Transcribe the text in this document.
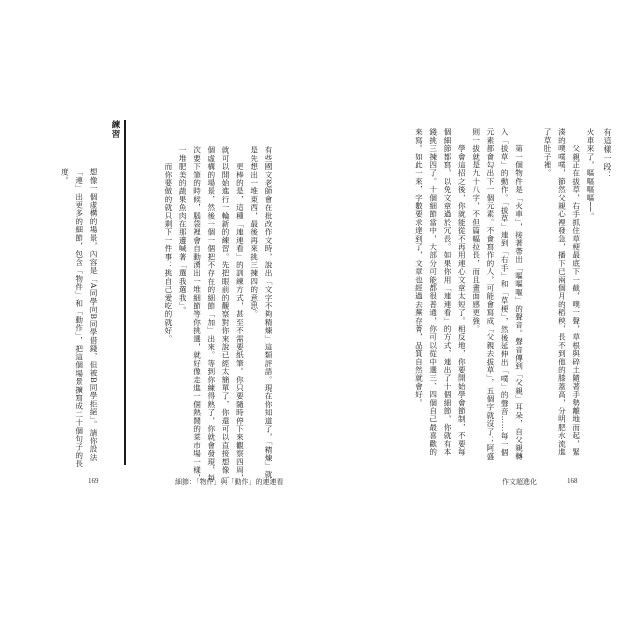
有些國文老師會在批改作文時，說出「文字不夠精煉」這類評語。現在你知道了，「精煉」就是先想出一堆東西，最後再來挑三揀四的意思。
　　更棒的是，這種「連連看」的訓練方式，甚至不需要紙筆。你只要隨時停下來觀察四周，就可以開始進行一輪新的練習。先把眼前的觀察對你來說已經太簡單了，你還可以直接想像一個虛構的場景，然後一個一個把不存在的細節「加」出來。等到你練得熟了，你就會發現，每次要下筆的時候，腦袋裡會自動湧出一堆細節等你挑選，就好像走進一個熱鬧的菜市場一樣，一堆肥美的蔬果魚肉在那邊喊著「選我選我」。
　　而你要做的就只剩下一件事：挑自己愛吃的就好。
練習
想像一個虛構的場景，內容是「A同學向B同學借錢，但被B同學拒絕」。請你設法「連」出更多的細節，包含「物件」和「動作」，把這個場景擴寫成二十個句子的長度。
169	細節：「物件」與「動作」的連連看
有這樣一段：
火車來了，嘔嘔嘔嘔──。
　　父親正在拔草，右手抓住草梗最底下一截，噗一聲，草根與碎土隨著手勢離地而起，緊湊的噗噗噗，節然父親心裡發急，播下已兩個月的稻秧，長不到他的膝蓋高，分明肥水流進了草肚子裡。

　　第一個物件是「火車」，接著帶出「嘔嘔嘔」的聲音。聲音傳到「父親」耳朵，自父親轉入「拔草」的動作。「拔草」連到「右手」和「草梗」，然後延伸出「噗」的聲音……每一個元素都會勾出下一個元素。不會寫作的人，可能會寫成「父親去拔草」，五個字就沒了；阿盛則一拔就是九十八字，不但篇幅拉長，而且畫面感更強。
　　學會這招之後，你就能從不再用連心文章太短了。相反地，你要開始學會節制，不要每個細節都寫，以免文章過於冗長。如果你用「連連看」的方式，連出了十個細節，你就有本錢挑三揀四了。十個細節當中，大部分可能都很普通，你可以從中選三、四個自己最喜歡的來寫。如此一來，字數要求達到了，文章也經過去蕪存菁，品質自然就會好。
作文超進化	168
